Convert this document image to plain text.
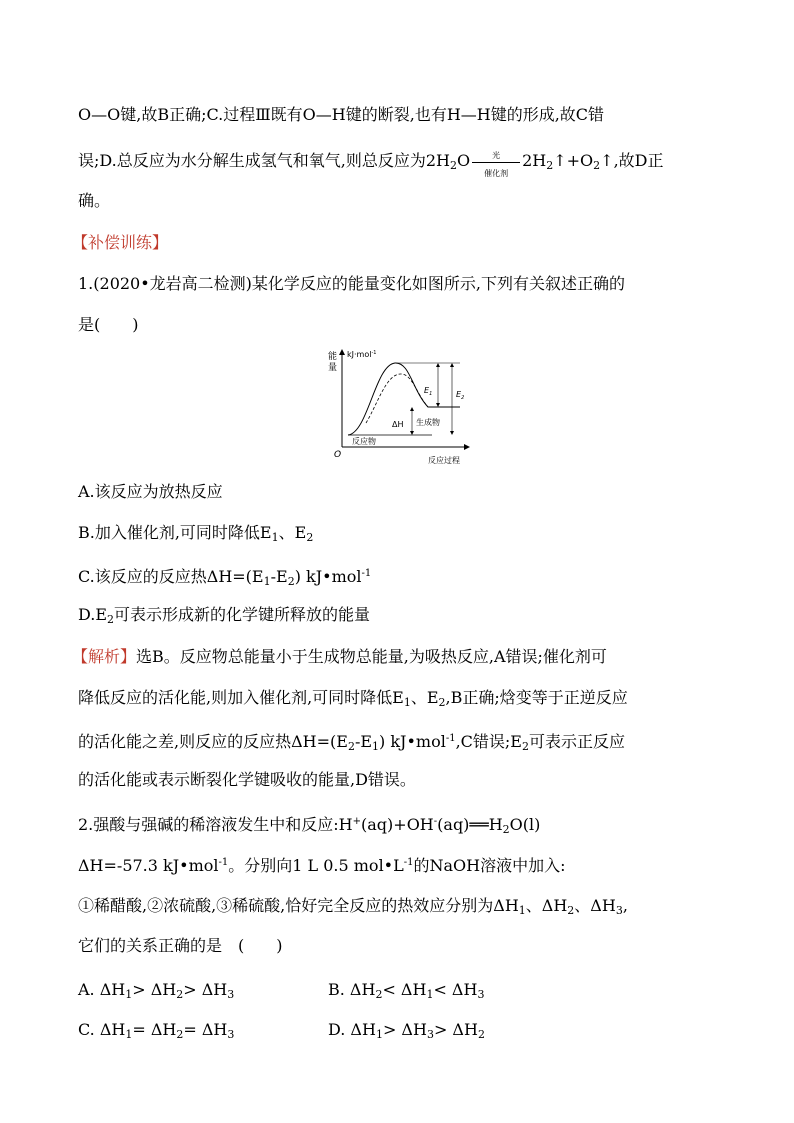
O—O键,故B正确;C.过程Ⅲ既有O—H键的断裂,也有H—H键的形成,故C错
误;D.总反应为水分解生成氢气和氧气,则总反应为$2H_2O$	光
催化剂
$2H_2↑+O_2↑$,故D正
确。
【补偿训练】
1.(2020•龙岩高二检测)某化学反应的能量变化如图所示,下列有关叙述正确的
是(　　)
能
量
kJ·mol$^{-1}$
$E_1$	$E_2$
ΔH 生成物
反应物
O
反应过程
A.该反应为放热反应
B.加入催化剂,可同时降低$E_1$、$E_2$
C.该反应的反应热$\Delta H=(E_1-E_2)$ kJ•mol$^{-1}$
$D.E_2$可表示形成新的化学键所释放的能量
【解析】选B。反应物总能量小于生成物总能量,为吸热反应,A错误;催化剂可
降低反应的活化能,则加入催化剂,可同时降低$E_1$、$E_2,B$正确;焓变等于正逆反应
的活化能之差,则反应的反应热$\Delta H=(E_2-E_1)$ kJ•mol$^{-1}$,C错误$;E_2$可表示正反应
的活化能或表示断裂化学键吸收的能量,D错误。
2.强酸与强碱的稀溶液发生中和反应$:H^+(aq)+OH^-(aq)══H_2O(l)$
ΔH=-57.3 kJ•mol$^{-1}$。分别向1 L 0.5 $mol•L^{-1}$的NaOH溶液中加入:
①稀醋酸,②浓硫酸,③稀硫酸,恰好完全反应的热效应分别为$\Delta H_1$、$\Delta H_2$、$\Delta H_3$,
它们的关系正确的是　(　　)
A. $\Delta H_1> \Delta H_2> \Delta H_3$	B. $\Delta H_2< \Delta H_1< \Delta H_3$
C. $\Delta H_1= \Delta H_2= \Delta H_3$	D. $\Delta H_1> \Delta H_3> \Delta H_2$
